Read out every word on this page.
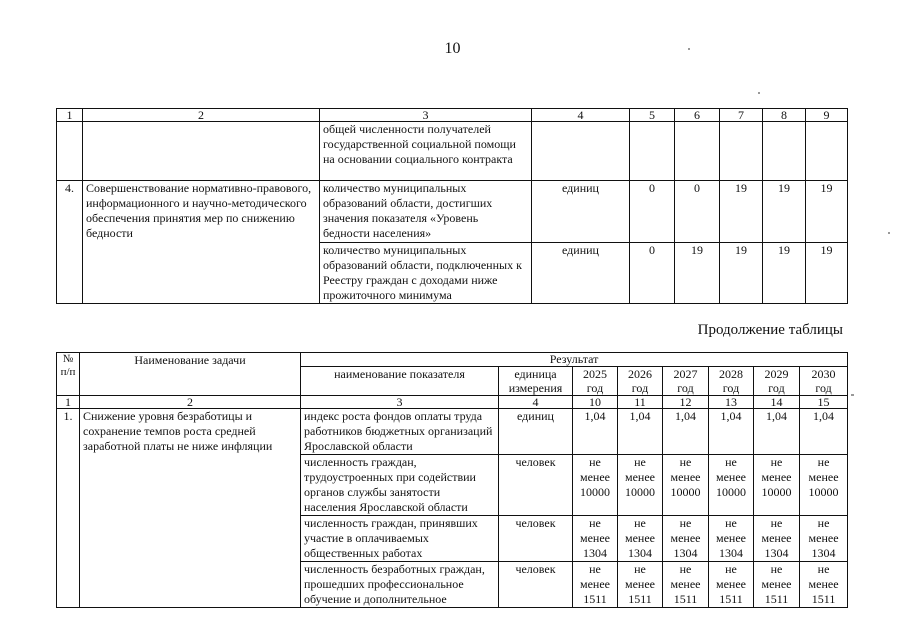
10
1	2	3	4	5	6	7	8	9
		общей численности получателей государственной социальной помощи на основании социального контракта						
4.	Совершенствование нормативно-правового, информационного и научно-методического обеспечения принятия мер по снижению бедности	количество муниципальных образований области, достигших значения показателя «Уровень бедности населения»	единиц	0	0	19	19	19
		количество муниципальных образований области, подключенных к Реестру граждан с доходами ниже прожиточного минимума	единиц	0	19	19	19	19
Продолжение таблицы
№ п/п	Наименование задачи	Результат							
		наименование показателя	единица измерения	2025 год	2026 год	2027 год	2028 год	2029 год	2030 год
1	2	3	4	10	11	12	13	14	15
1.	Снижение уровня безработицы и сохранение темпов роста средней заработной платы не ниже инфляции	индекс роста фондов оплаты труда работников бюджетных организаций Ярославской области	единиц	1,04	1,04	1,04	1,04	1,04	1,04
		численность граждан, трудоустроенных при содействии органов службы занятости населения Ярославской области	человек	не менее 10000	не менее 10000	не менее 10000	не менее 10000	не менее 10000	не менее 10000
		численность граждан, принявших участие в оплачиваемых общественных работах	человек	не менее 1304	не менее 1304	не менее 1304	не менее 1304	не менее 1304	не менее 1304
		численность безработных граждан, прошедших профессиональное обучение и дополнительное	человек	не менее 1511	не менее 1511	не менее 1511	не менее 1511	не менее 1511	не менее 1511
